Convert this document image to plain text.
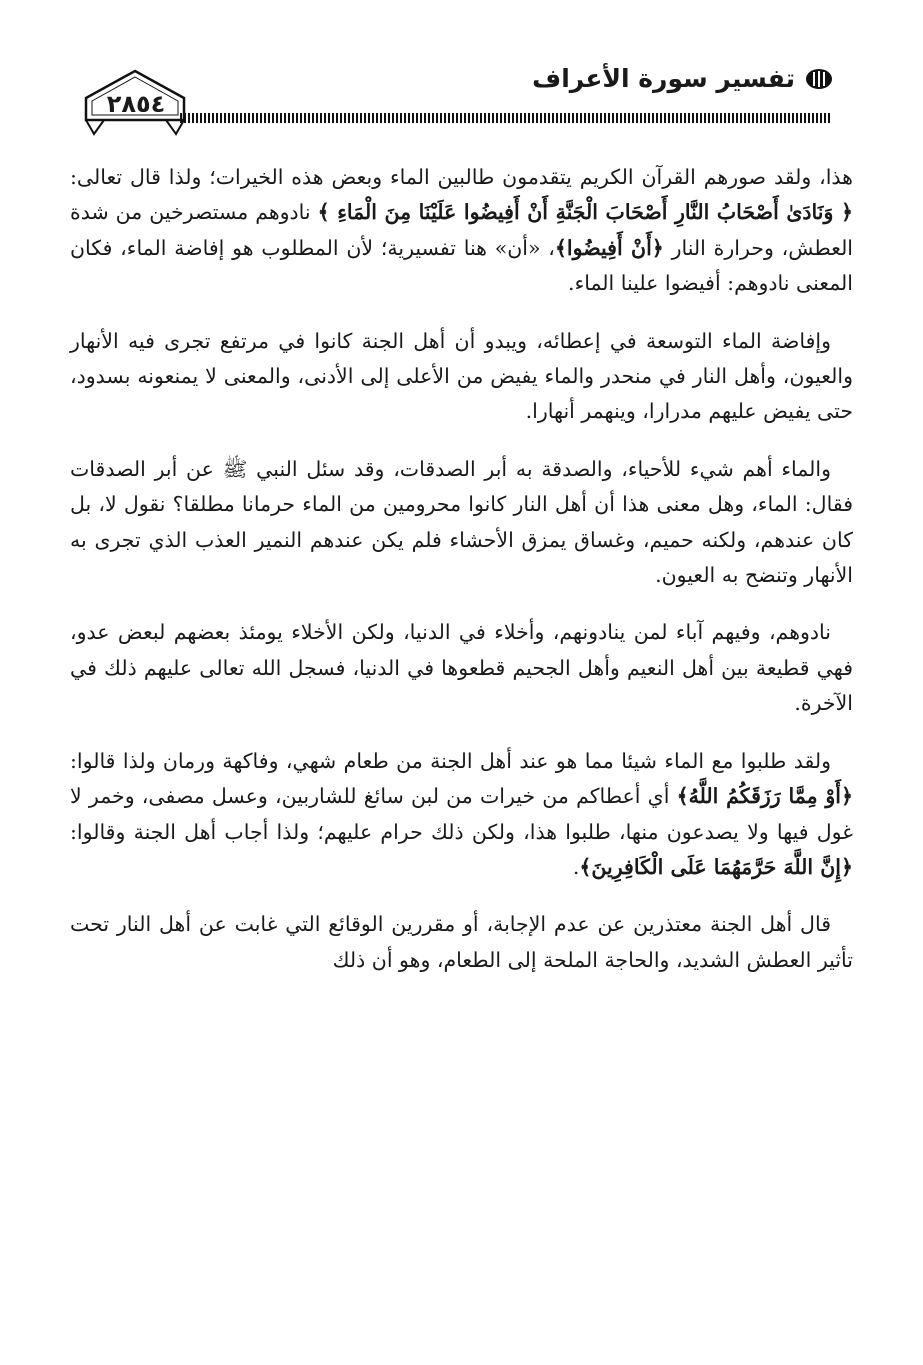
تفسير سورة الأعراف
٢٨٥٤

هذا، ولقد صورهم القرآن الكريم يتقدمون طالبين الماء وبعض هذه الخيرات؛ ولذا قال تعالى: ﴿ وَنَادَىٰ أَصْحَابُ النَّارِ أَصْحَابَ الْجَنَّةِ أَنْ أَفِيضُوا عَلَيْنَا مِنَ الْمَاءِ ﴾ نادوهم مستصرخين من شدة العطش، وحرارة النار ﴿أَنْ أَفِيضُوا﴾، «أن» هنا تفسيرية؛ لأن المطلوب هو إفاضة الماء، فكان المعنى نادوهم: أفيضوا علينا الماء.

وإفاضة الماء التوسعة في إعطائه، ويبدو أن أهل الجنة كانوا في مرتفع تجرى فيه الأنهار والعيون، وأهل النار في منحدر والماء يفيض من الأعلى إلى الأدنى، والمعنى لا يمنعونه بسدود، حتى يفيض عليهم مدرارا، وينهمر أنهارا.

والماء أهم شيء للأحياء، والصدقة به أبر الصدقات، وقد سئل النبي ﷺ عن أبر الصدقات فقال: الماء، وهل معنى هذا أن أهل النار كانوا محرومين من الماء حرمانا مطلقا؟ نقول لا، بل كان عندهم، ولكنه حميم، وغساق يمزق الأحشاء فلم يكن عندهم النمير العذب الذي تجرى به الأنهار وتنضح به العيون.

نادوهم، وفيهم آباء لمن ينادونهم، وأخلاء في الدنيا، ولكن الأخلاء يومئذ بعضهم لبعض عدو، فهي قطيعة بين أهل النعيم وأهل الجحيم قطعوها في الدنيا، فسجل الله تعالى عليهم ذلك في الآخرة.

ولقد طلبوا مع الماء شيئا مما هو عند أهل الجنة من طعام شهي، وفاكهة ورمان ولذا قالوا: ﴿أَوْ مِمَّا رَزَقَكُمُ اللَّهُ﴾ أي أعطاكم من خيرات من لبن سائغ للشاربين، وعسل مصفى، وخمر لا غول فيها ولا يصدعون منها، طلبوا هذا، ولكن ذلك حرام عليهم؛ ولذا أجاب أهل الجنة وقالوا: ﴿إِنَّ اللَّهَ حَرَّمَهُمَا عَلَى الْكَافِرِينَ﴾.

قال أهل الجنة معتذرين عن عدم الإجابة، أو مقررين الوقائع التي غابت عن أهل النار تحت تأثير العطش الشديد، والحاجة الملحة إلى الطعام، وهو أن ذلك
